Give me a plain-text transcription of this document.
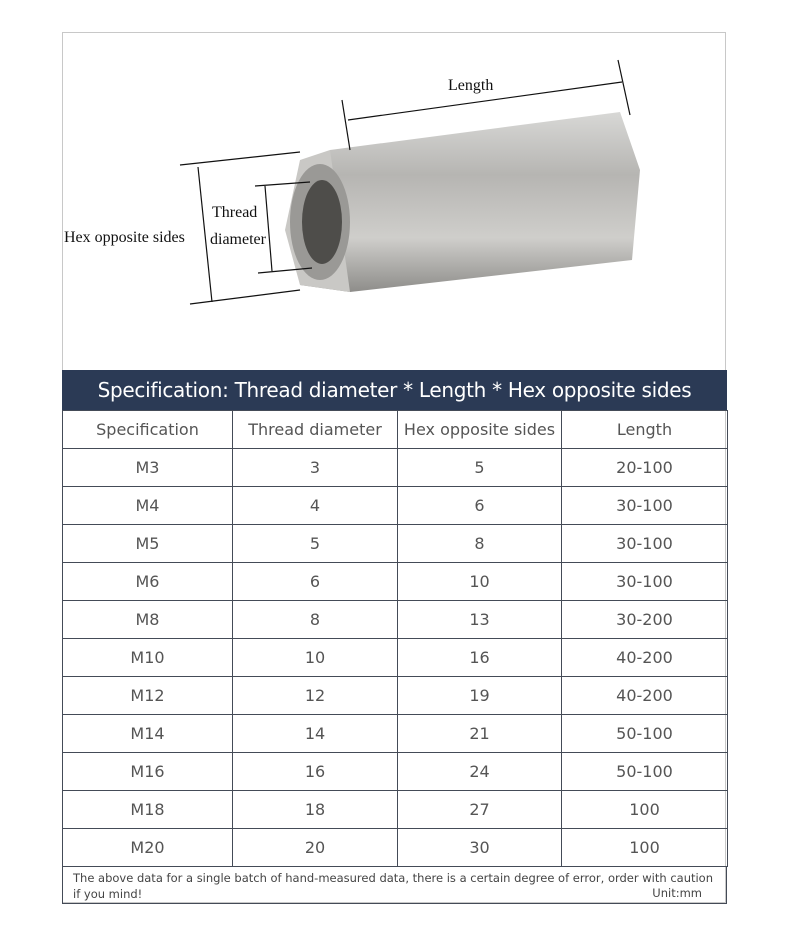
Length
Thread
diameter
Hex opposite sides
Specification: Thread diameter * Length * Hex opposite sides
Specification	Thread diameter	Hex opposite sides	Length
M3	3	5	20-100
M4	4	6	30-100
M5	5	8	30-100
M6	6	10	30-100
M8	8	13	30-200
M10	10	16	40-200
M12	12	19	40-200
M14	14	21	50-100
M16	16	24	50-100
M18	18	27	100
M20	20	30	100
The above data for a single batch of hand-measured data, there is a certain degree of error, order with caution if you mind!	Unit:mm
